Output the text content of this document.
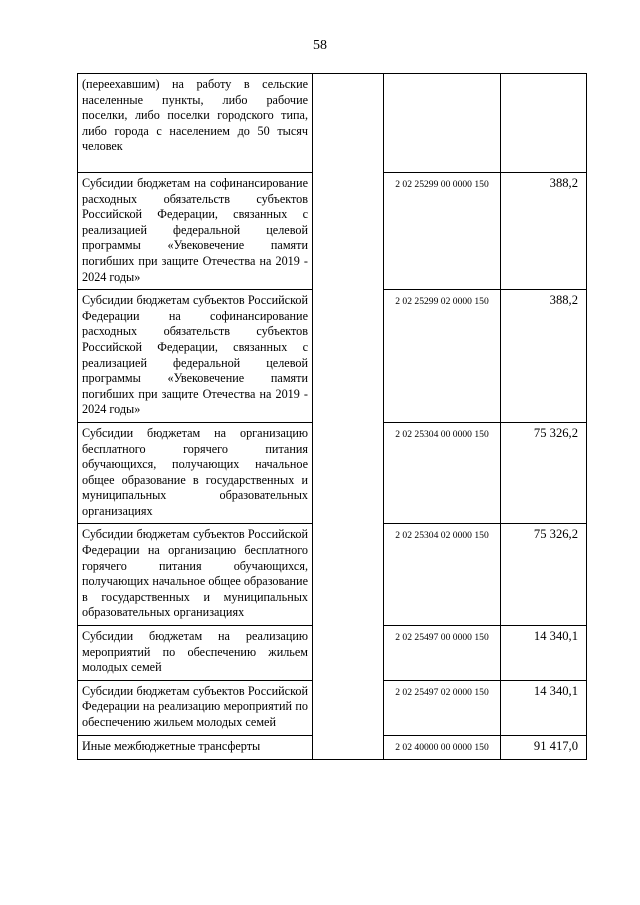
58
(переехавшим) на работу в сельские населенные пункты, либо рабочие поселки, либо поселки городского типа, либо города с населением до 50 тысяч человек			
Субсидии бюджетам на софинансирование расходных обязательств субъектов Российской Федерации, связанных с реализацией федеральной целевой программы «Увековечение памяти погибших при защите Отечества на 2019 - 2024 годы»		2 02 25299 00 0000 150	388,2
Субсидии бюджетам субъектов Российской Федерации на софинансирование расходных обязательств субъектов Российской Федерации, связанных с реализацией федеральной целевой программы «Увековечение памяти погибших при защите Отечества на 2019 - 2024 годы»		2 02 25299 02 0000 150	388,2
Субсидии бюджетам на организацию бесплатного горячего питания обучающихся, получающих начальное общее образование в государственных и муниципальных образовательных организациях		2 02 25304 00 0000 150	75 326,2
Субсидии бюджетам субъектов Российской Федерации на организацию бесплатного горячего питания обучающихся, получающих начальное общее образование в государственных и муниципальных образовательных организациях		2 02 25304 02 0000 150	75 326,2
Субсидии бюджетам на реализацию мероприятий по обеспечению жильем молодых семей		2 02 25497 00 0000 150	14 340,1
Субсидии бюджетам субъектов Российской Федерации на реализацию мероприятий по обеспечению жильем молодых семей		2 02 25497 02 0000 150	14 340,1
Иные межбюджетные трансферты		2 02 40000 00 0000 150	91 417,0
